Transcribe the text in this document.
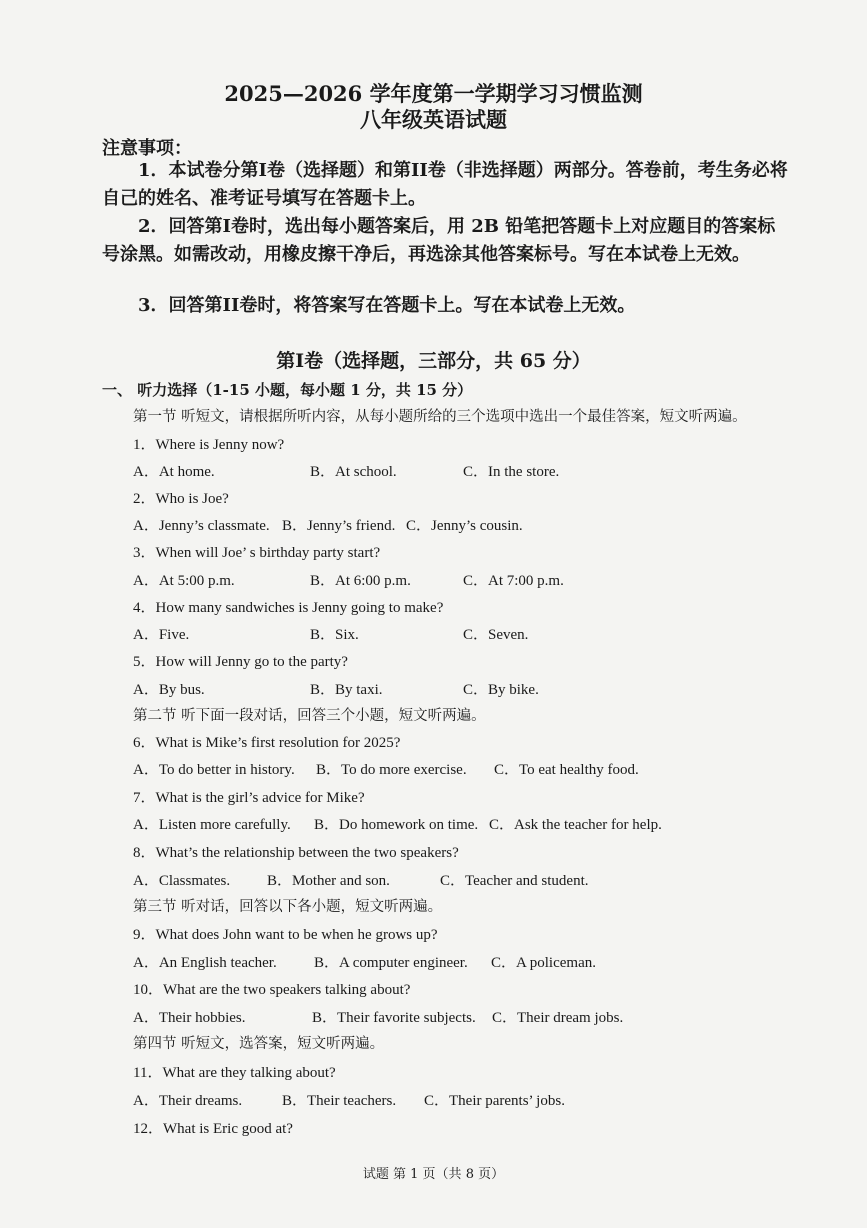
2025—2026 学年度第一学期学习习惯监测
八年级英语试题
注意事项：
1．本试卷分第I卷（选择题）和第II卷（非选择题）两部分。答卷前，考生务必将自己的姓名、准考证号填写在答题卡上。
2．回答第I卷时，选出每小题答案后，用 2B 铅笔把答题卡上对应题目的答案标号涂黑。如需改动，用橡皮擦干净后，再选涂其他答案标号。写在本试卷上无效。
3．回答第II卷时，将答案写在答题卡上。写在本试卷上无效。
第I卷（选择题，三部分，共 65 分）
一、 听力选择（1-15 小题，每小题 1 分，共 15 分）
第一节 听短文，请根据所听内容，从每小题所给的三个选项中选出一个最佳答案，短文听两遍。
1．Where is Jenny now?
A．At home.	B．At school.	C．In the store.
2．Who is Joe?
A．Jenny’s classmate. B．Jenny’s friend. C．Jenny’s cousin.
3．When will Joe’ s birthday party start?
A．At 5:00 p.m.	B．At 6:00 p.m.	C．At 7:00 p.m.
4．How many sandwiches is Jenny going to make?
A．Five.	B．Six.	C．Seven.
5．How will Jenny go to the party?
A．By bus.	B．By taxi.	C．By bike.
第二节 听下面一段对话，回答三个小题，短文听两遍。
6．What is Mike’s first resolution for 2025?
A．To do better in history. B．To do more exercise. C．To eat healthy food.
7．What is the girl’s advice for Mike?
A．Listen more carefully. B．Do homework on time. C．Ask the teacher for help.
8．What’s the relationship between the two speakers?
A．Classmates. B．Mother and son.	C．Teacher and student.
第三节 听对话，回答以下各小题，短文听两遍。
9．What does John want to be when he grows up?
A．An English teacher. B．A computer engineer. C．A policeman.
10．What are the two speakers talking about?
A．Their hobbies.	B．Their favorite subjects. C．Their dream jobs.
第四节 听短文，选答案，短文听两遍。
11．What are they talking about?
A．Their dreams.	B．Their teachers. C．Their parents’ jobs.
12．What is Eric good at?
试题 第 1 页（共 8 页）
